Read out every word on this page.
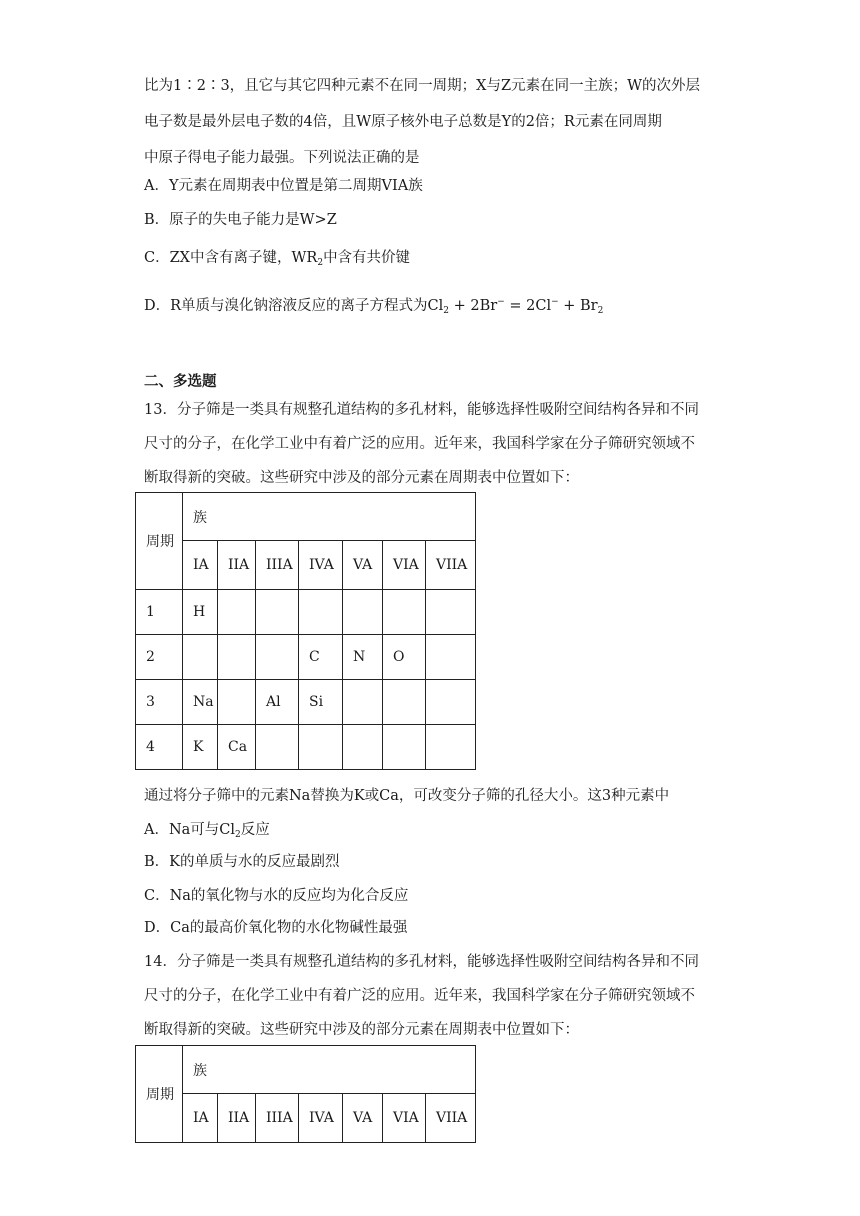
比为1∶2∶3，且它与其它四种元素不在同一周期；X与Z元素在同一主族；W的次外层
电子数是最外层电子数的4倍，且W原子核外电子总数是Y的2倍；R元素在同周期
中原子得电子能力最强。下列说法正确的是
A．Y元素在周期表中位置是第二周期VIA族
B．原子的失电子能力是W>Z
C．ZX中含有离子键，$WR_2$中含有共价键
D．R单质与溴化钠溶液反应的离子方程式为$Cl_2 + 2Br^- = 2Cl^- + Br_2$
二、多选题
13．分子筛是一类具有规整孔道结构的多孔材料，能够选择性吸附空间结构各异和不同
尺寸的分子，在化学工业中有着广泛的应用。近年来，我国科学家在分子筛研究领域不
断取得新的突破。这些研究中涉及的部分元素在周期表中位置如下：
周期	族						
	IA	IIA	IIIA	IVA	VA	VIA	VIIA
1	H						
2				C	N	O	
3	Na		Al	Si			
4	K	Ca					
通过将分子筛中的元素Na替换为K或Ca，可改变分子筛的孔径大小。这3种元素中
A．Na可与$Cl_2$反应
B．K的单质与水的反应最剧烈
C．Na的氧化物与水的反应均为化合反应
D．Ca的最高价氧化物的水化物碱性最强
14．分子筛是一类具有规整孔道结构的多孔材料，能够选择性吸附空间结构各异和不同
尺寸的分子，在化学工业中有着广泛的应用。近年来，我国科学家在分子筛研究领域不
断取得新的突破。这些研究中涉及的部分元素在周期表中位置如下：
周期	族						
	IA	IIA	IIIA	IVA	VA	VIA	VIIA
